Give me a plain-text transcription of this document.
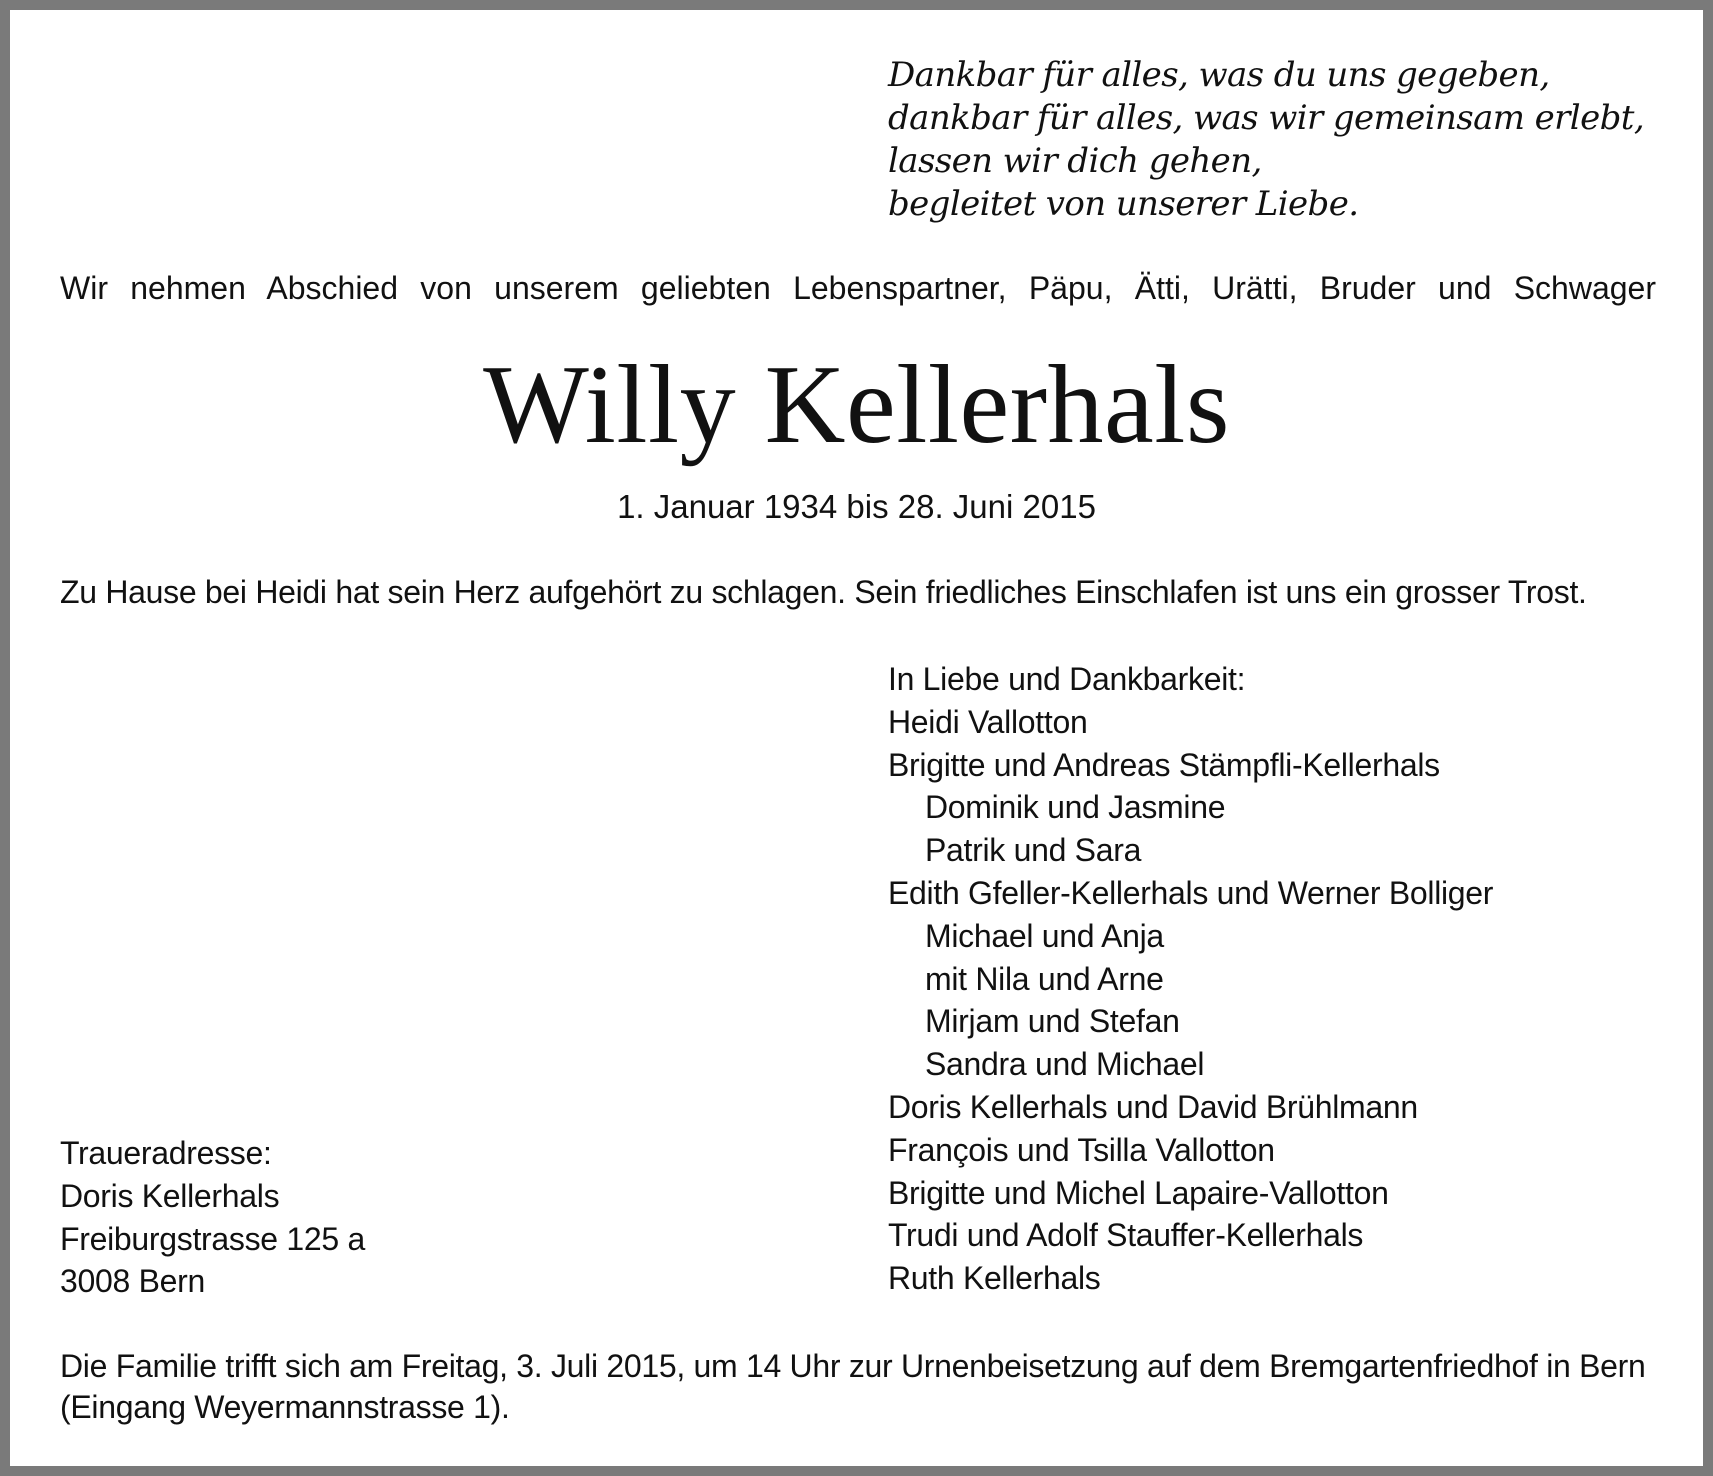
Dankbar für alles, was du uns gegeben,
dankbar für alles, was wir gemeinsam erlebt,
lassen wir dich gehen,
begleitet von unserer Liebe.
Wir nehmen Abschied von unserem geliebten Lebenspartner, Päpu, Ätti, Urätti, Bruder und Schwager
Willy Kellerhals
1. Januar 1934 bis 28. Juni 2015
Zu Hause bei Heidi hat sein Herz aufgehört zu schlagen. Sein friedliches Einschlafen ist uns ein grosser Trost.
In Liebe und Dankbarkeit:
Heidi Vallotton
Brigitte und Andreas Stämpfli-Kellerhals
Dominik und Jasmine
Patrik und Sara
Edith Gfeller-Kellerhals und Werner Bolliger
Michael und Anja
mit Nila und Arne
Mirjam und Stefan
Sandra und Michael
Doris Kellerhals und David Brühlmann
François und Tsilla Vallotton
Brigitte und Michel Lapaire-Vallotton
Trudi und Adolf Stauffer-Kellerhals
Ruth Kellerhals
Traueradresse:
Doris Kellerhals
Freiburgstrasse 125 a
3008 Bern
Die Familie trifft sich am Freitag, 3. Juli 2015, um 14 Uhr zur Urnenbeisetzung auf dem Bremgartenfriedhof in Bern (Eingang Weyermannstrasse 1).
